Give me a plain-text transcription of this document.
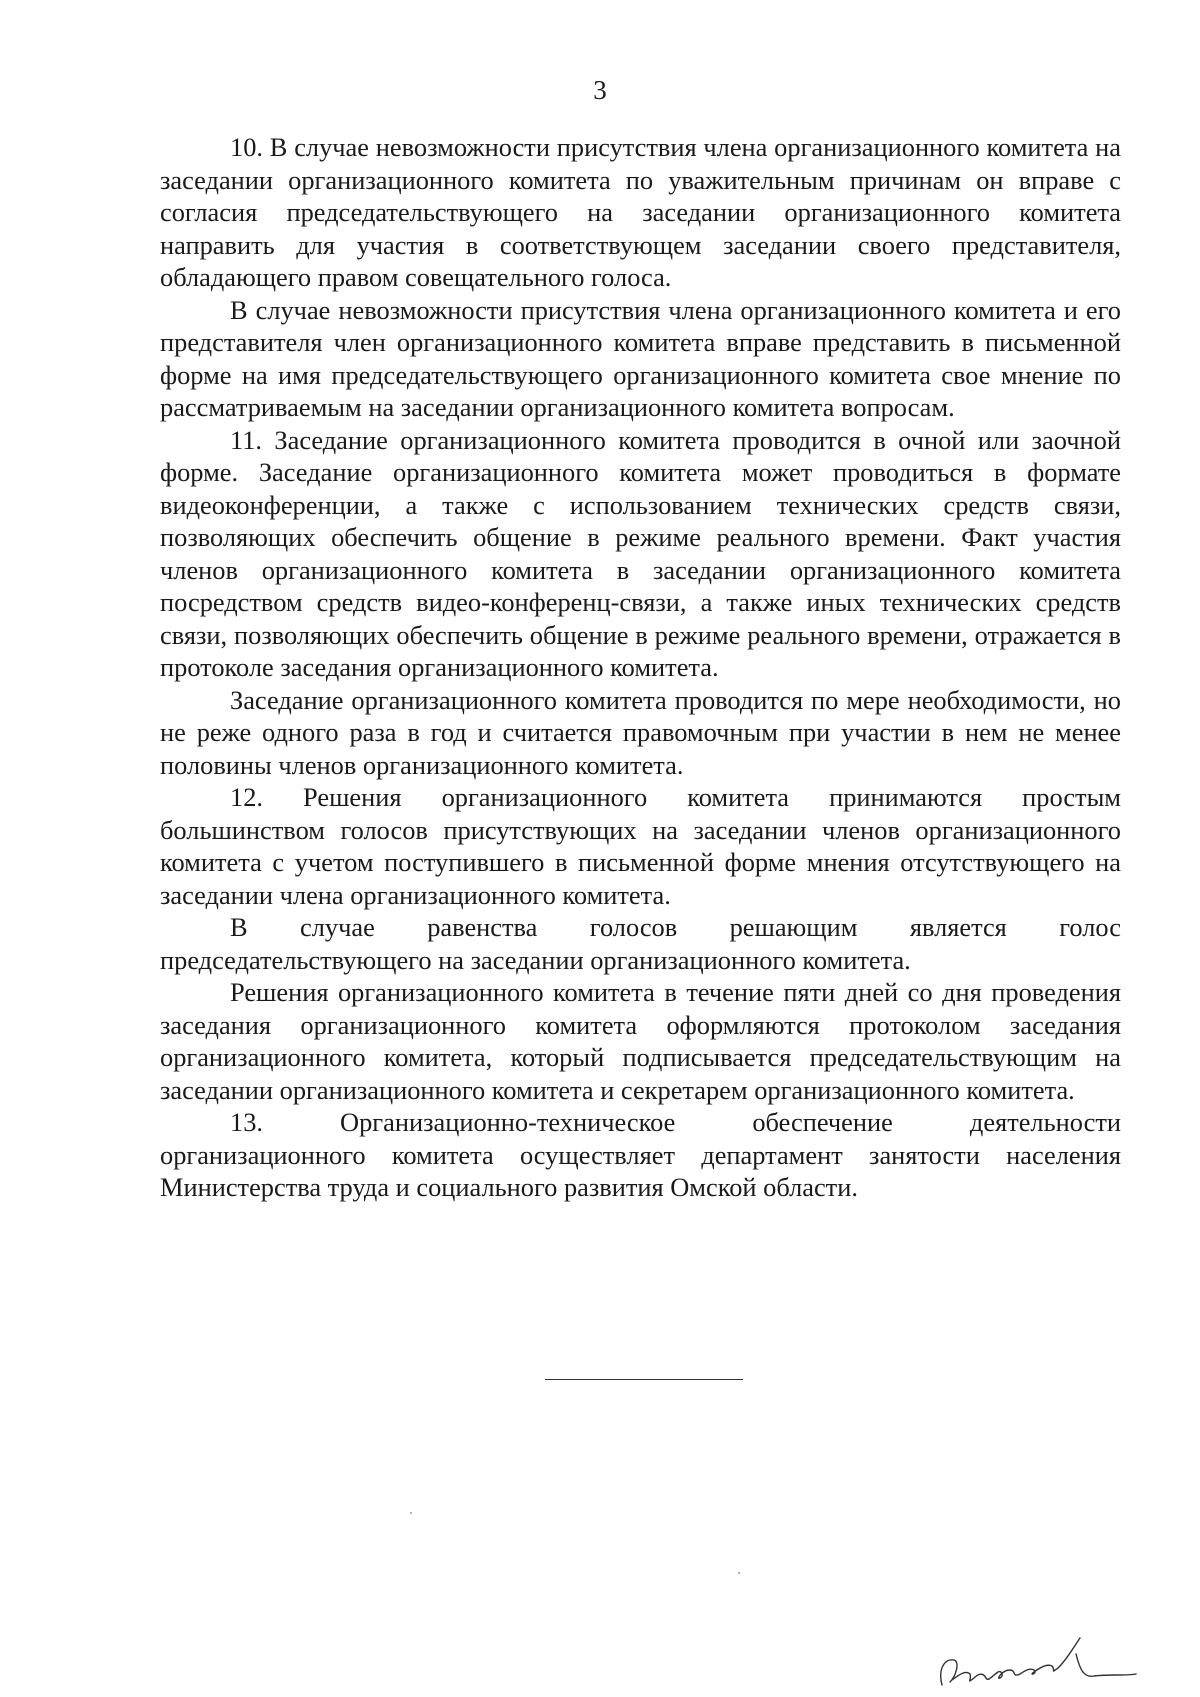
3

10. В случае невозможности присутствия члена организационного комитета на заседании организационного комитета по уважительным причинам он вправе с согласия председательствующего на заседании организационного комитета направить для участия в соответствующем заседании своего представителя, обладающего правом совещательного голоса.

В случае невозможности присутствия члена организационного комитета и его представителя член организационного комитета вправе представить в письменной форме на имя председательствующего организационного комитета свое мнение по рассматриваемым на заседании организационного комитета вопросам.

11. Заседание организационного комитета проводится в очной или заочной форме. Заседание организационного комитета может проводиться в формате видеоконференции, а также с использованием технических средств связи, позволяющих обеспечить общение в режиме реального времени. Факт участия членов организационного комитета в заседании организационного комитета посредством средств видео-конференц-связи, а также иных технических средств связи, позволяющих обеспечить общение в режиме реального времени, отражается в протоколе заседания организационного комитета.

Заседание организационного комитета проводится по мере необходимости, но не реже одного раза в год и считается правомочным при участии в нем не менее половины членов организационного комитета.

12. Решения организационного комитета принимаются простым большинством голосов присутствующих на заседании членов организационного комитета с учетом поступившего в письменной форме мнения отсутствующего на заседании члена организационного комитета.

В случае равенства голосов решающим является голос председательствующего на заседании организационного комитета.

Решения организационного комитета в течение пяти дней со дня проведения заседания организационного комитета оформляются протоколом заседания организационного комитета, который подписывается председательствующим на заседании организационного комитета и секретарем организационного комитета.

13. Организационно-техническое обеспечение деятельности организационного комитета осуществляет департамент занятости населения Министерства труда и социального развития Омской области.
